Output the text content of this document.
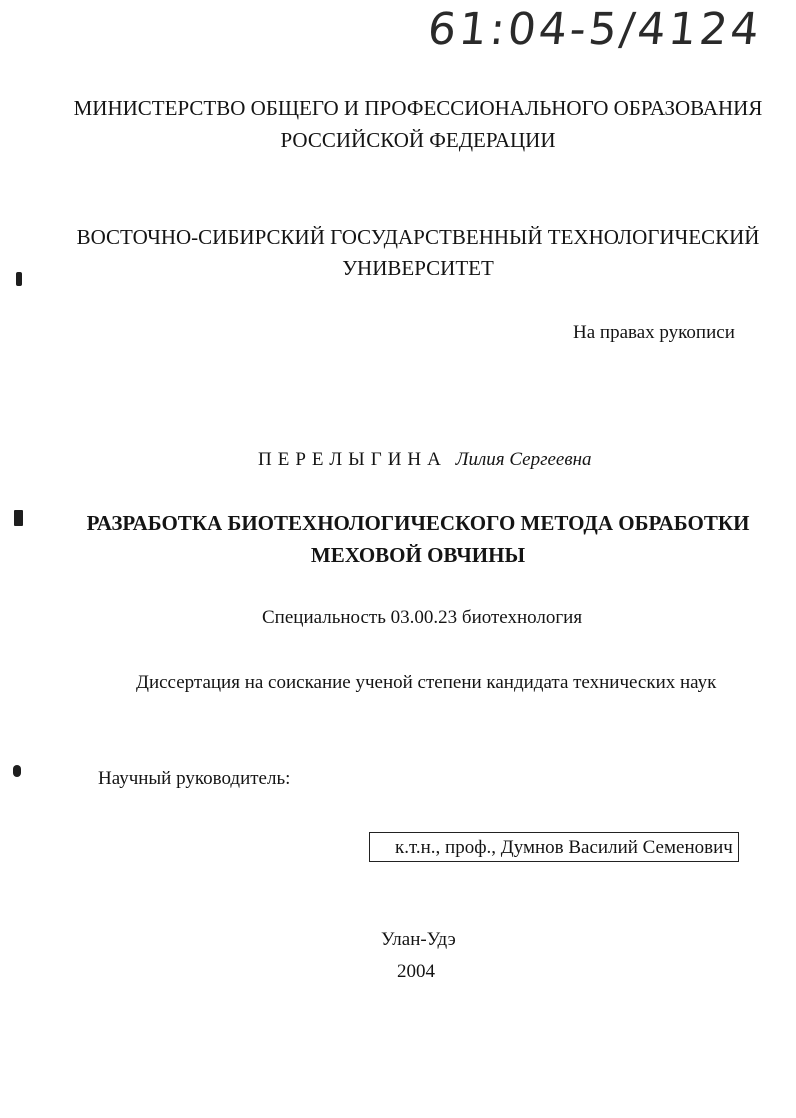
61:04-5/4124
МИНИСТЕРСТВО ОБЩЕГО И ПРОФЕССИОНАЛЬНОГО ОБРАЗОВАНИЯ
РОССИЙСКОЙ ФЕДЕРАЦИИ
ВОСТОЧНО-СИБИРСКИЙ ГОСУДАРСТВЕННЫЙ ТЕХНОЛОГИЧЕСКИЙ
УНИВЕРСИТЕТ
На правах рукописи
ПЕРЕЛЫГИНА Лилия Сергеевна
РАЗРАБОТКА БИОТЕХНОЛОГИЧЕСКОГО МЕТОДА ОБРАБОТКИ
МЕХОВОЙ ОВЧИНЫ
Специальность 03.00.23 биотехнология
Диссертация на соискание ученой степени кандидата технических наук
Научный руководитель:
к.т.н., проф., Думнов Василий Семенович
Улан-Удэ
2004
